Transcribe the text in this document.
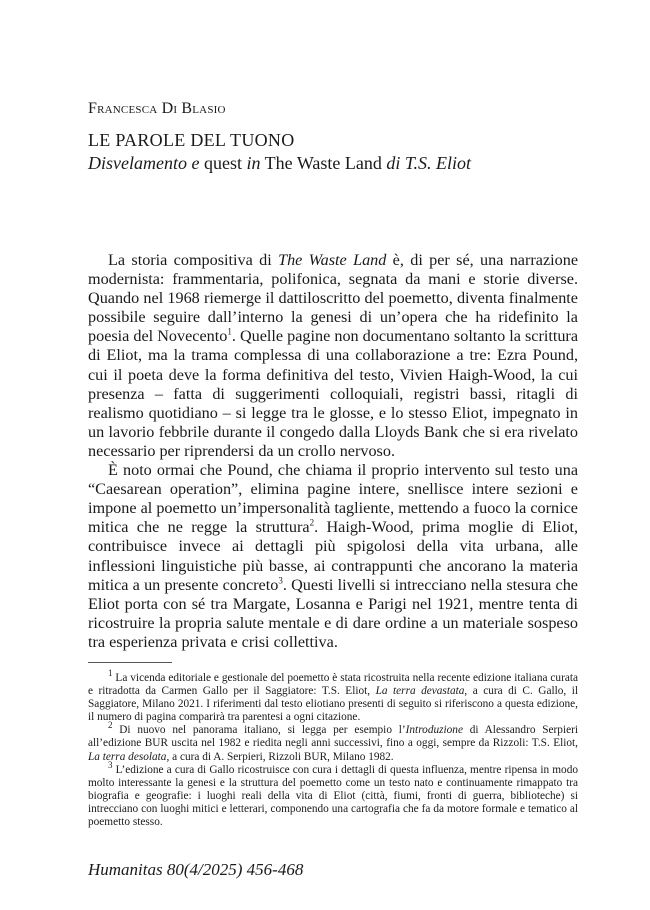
Francesca Di Blasio
LE PAROLE DEL TUONO
Disvelamento e quest in The Waste Land di T.S. Eliot

La storia compositiva di The Waste Land è, di per sé, una narrazione modernista: frammentaria, polifonica, segnata da mani e storie diverse. Quando nel 1968 riemerge il dattiloscritto del poemetto, diventa finalmente possibile seguire dall’interno la genesi di un’opera che ha ridefinito la poesia del Novecento$^1$. Quelle pagine non documentano soltanto la scrittura di Eliot, ma la trama complessa di una collaborazione a tre: Ezra Pound, cui il poeta deve la forma definitiva del testo, Vivien Haigh-Wood, la cui presenza – fatta di suggerimenti colloquiali, registri bassi, ritagli di realismo quotidiano – si legge tra le glosse, e lo stesso Eliot, impegnato in un lavorio febbrile durante il congedo dalla Lloyds Bank che si era rivelato necessario per riprendersi da un crollo nervoso.

È noto ormai che Pound, che chiama il proprio intervento sul testo una “Caesarean operation”, elimina pagine intere, snellisce intere sezioni e impone al poemetto un’impersonalità tagliente, mettendo a fuoco la cornice mitica che ne regge la struttura$^2$. Haigh-Wood, prima moglie di Eliot, contribuisce invece ai dettagli più spigolosi della vita urbana, alle inflessioni linguistiche più basse, ai contrappunti che ancorano la materia mitica a un presente concreto$^3$. Questi livelli si intrecciano nella stesura che Eliot porta con sé tra Margate, Losanna e Parigi nel 1921, mentre tenta di ricostruire la propria salute mentale e di dare ordine a un materiale sospeso tra esperienza privata e crisi collettiva.

$^1$ La vicenda editoriale e gestionale del poemetto è stata ricostruita nella recente edizione italiana curata e ritradotta da Carmen Gallo per il Saggiatore: T.S. Eliot, La terra devastata, a cura di C. Gallo, il Saggiatore, Milano 2021. I riferimenti dal testo eliotiano presenti di seguito si riferiscono a questa edizione, il numero di pagina comparirà tra parentesi a ogni citazione.

$^2$ Di nuovo nel panorama italiano, si legga per esempio l’Introduzione di Alessandro Serpieri all’edizione BUR uscita nel 1982 e riedita negli anni successivi, fino a oggi, sempre da Rizzoli: T.S. Eliot, La terra desolata, a cura di A. Serpieri, Rizzoli BUR, Milano 1982.

$^3$ L’edizione a cura di Gallo ricostruisce con cura i dettagli di questa influenza, mentre ripensa in modo molto interessante la genesi e la struttura del poemetto come un testo nato e continuamente rimappato tra biografia e geografie: i luoghi reali della vita di Eliot (città, fiumi, fronti di guerra, biblioteche) si intrecciano con luoghi mitici e letterari, componendo una cartografia che fa da motore formale e tematico al poemetto stesso.

Humanitas 80(4/2025) 456-468
